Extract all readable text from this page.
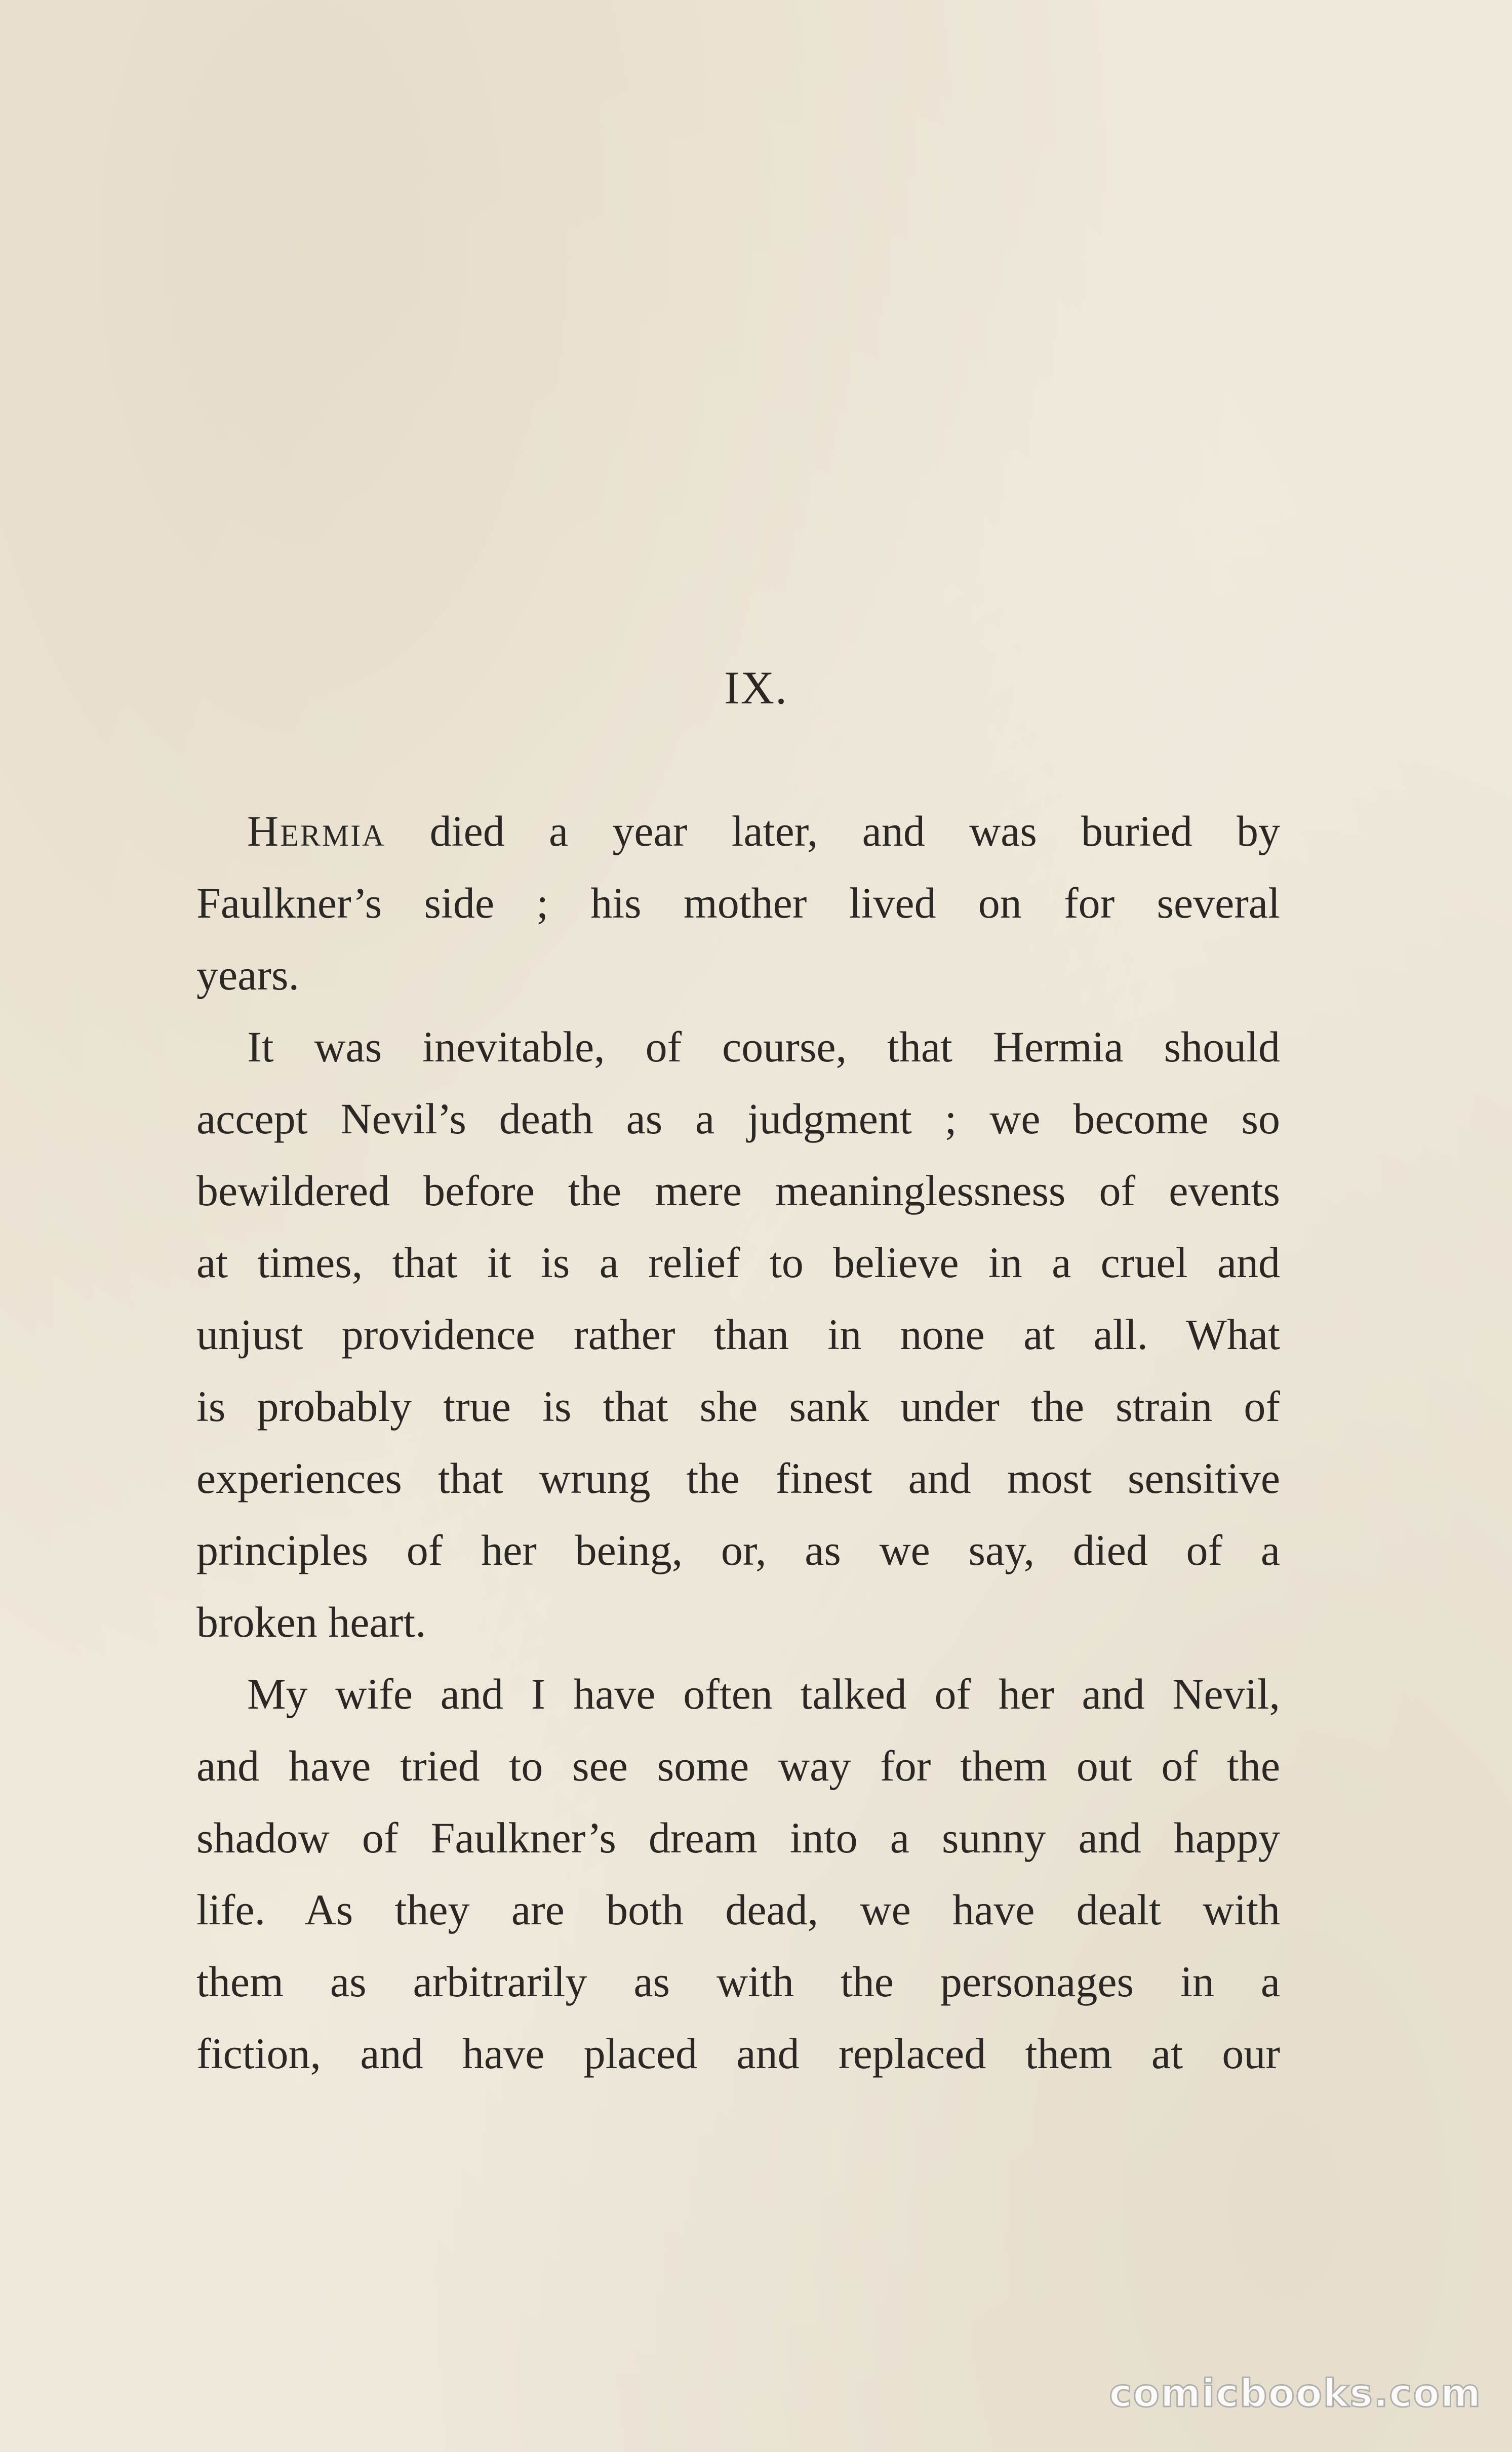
IX.
Hermia died a year later, and was buried by
Faulkner’s side ; his mother lived on for several
years.
It was inevitable, of course, that Hermia should
accept Nevil’s death as a judgment ; we become so
bewildered before the mere meaninglessness of events
at times, that it is a relief to believe in a cruel and
unjust providence rather than in none at all. What
is probably true is that she sank under the strain of
experiences that wrung the finest and most sensitive
principles of her being, or, as we say, died of a
broken heart.
My wife and I have often talked of her and Nevil,
and have tried to see some way for them out of the
shadow of Faulkner’s dream into a sunny and happy
life. As they are both dead, we have dealt with
them as arbitrarily as with the personages in a
fiction, and have placed and replaced them at our
comicbooks.com
